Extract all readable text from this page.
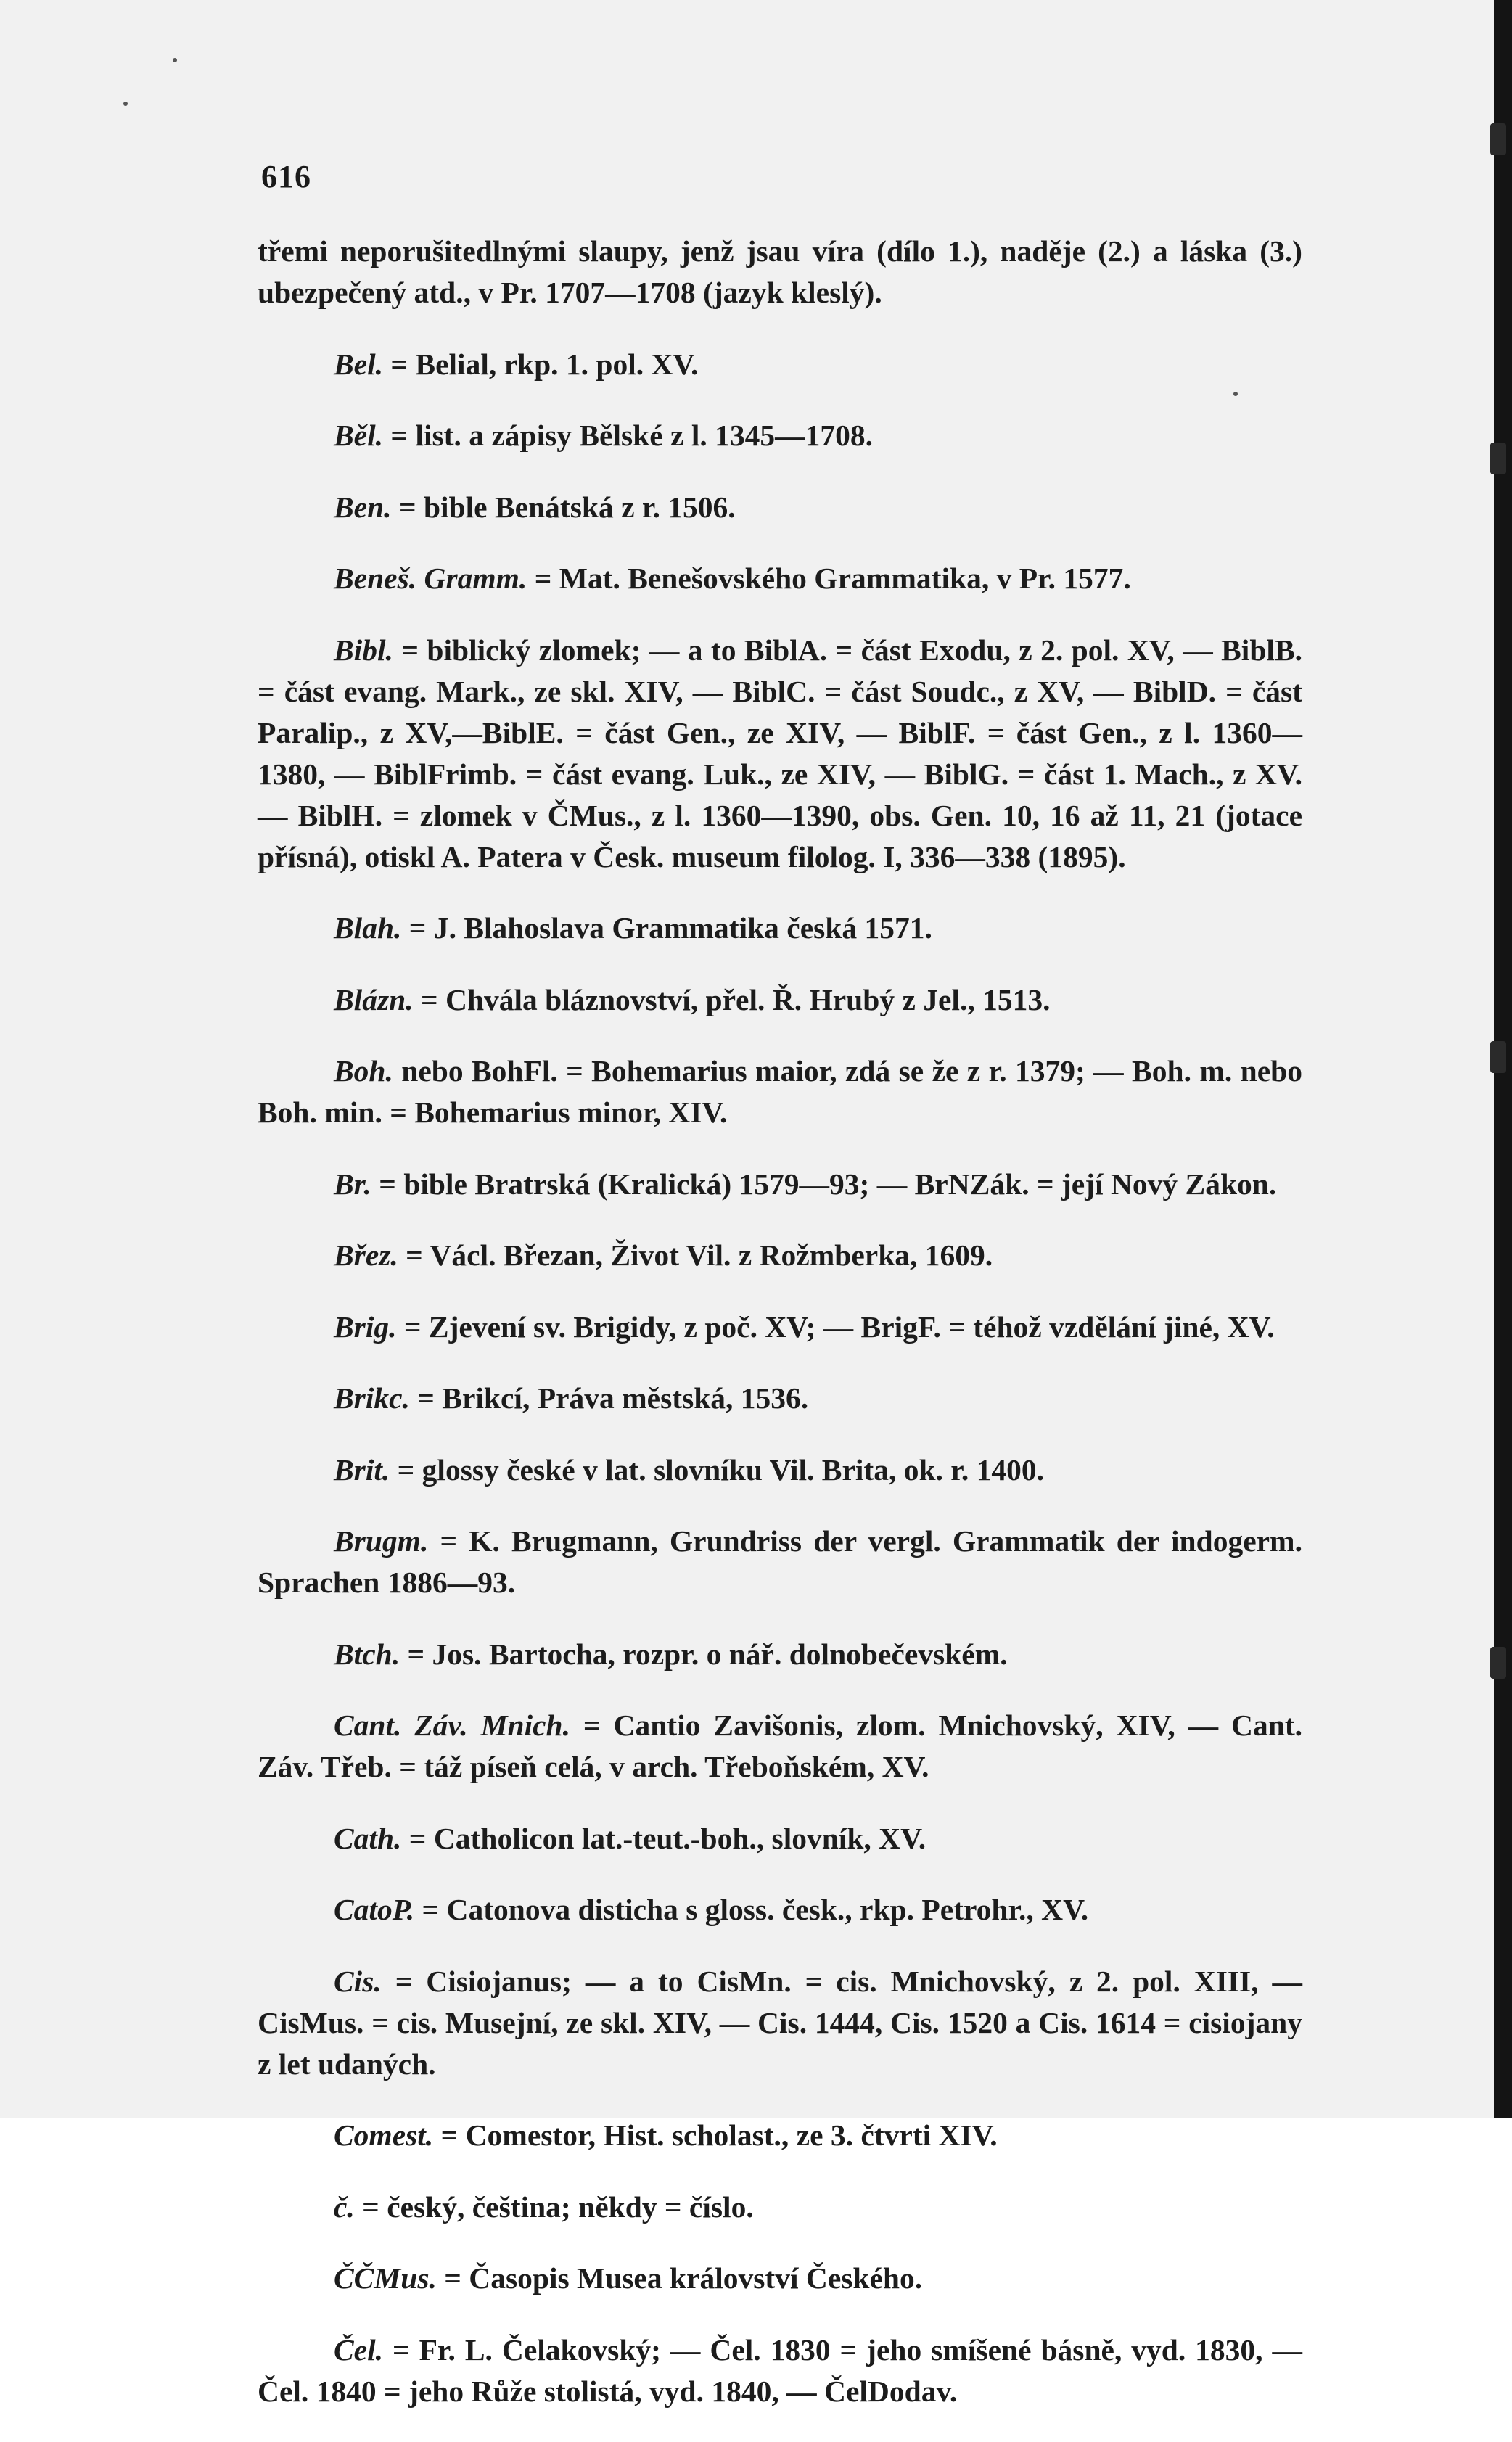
616

třemi neporušitedlnými slaupy, jenž jsau víra (dílo 1.), naděje (2.) a láska (3.) ubezpečený atd., v Pr. 1707—1708 (jazyk kleslý).

Bel. = Belial, rkp. 1. pol. XV.

Běl. = list. a zápisy Bělské z l. 1345—1708.

Ben. = bible Benátská z r. 1506.

Beneš. Gramm. = Mat. Benešovského Grammatika, v Pr. 1577.

Bibl. = biblický zlomek; — a to BiblA. = část Exodu, z 2. pol. XV, — BiblB. = část evang. Mark., ze skl. XIV, — BiblC. = část Soudc., z XV, — BiblD. = část Paralip., z XV,—BiblE. = část Gen., ze XIV, — BiblF. = část Gen., z l. 1360—1380, — BiblFrimb. = část evang. Luk., ze XIV, — BiblG. = část 1. Mach., z XV. — BiblH. = zlomek v ČMus., z l. 1360—1390, obs. Gen. 10, 16 až 11, 21 (jotace přísná), otiskl A. Patera v Česk. museum filolog. I, 336—338 (1895).

Blah. = J. Blahoslava Grammatika česká 1571.

Blázn. = Chvála bláznovství, přel. Ř. Hrubý z Jel., 1513.

Boh. nebo BohFl. = Bohemarius maior, zdá se že z r. 1379; — Boh. m. nebo Boh. min. = Bohemarius minor, XIV.

Br. = bible Bratrská (Kralická) 1579—93; — BrNZák. = její Nový Zákon.

Břez. = Václ. Březan, Život Vil. z Rožmberka, 1609.

Brig. = Zjevení sv. Brigidy, z poč. XV; — BrigF. = téhož vzdělání jiné, XV.

Brikc. = Brikcí, Práva městská, 1536.

Brit. = glossy české v lat. slovníku Vil. Brita, ok. r. 1400.

Brugm. = K. Brugmann, Grundriss der vergl. Grammatik der indogerm. Sprachen 1886—93.

Btch. = Jos. Bartocha, rozpr. o nář. dolnobečevském.

Cant. Záv. Mnich. = Cantio Zavišonis, zlom. Mnichovský, XIV, — Cant. Záv. Třeb. = táž píseň celá, v arch. Třeboňském, XV.

Cath. = Catholicon lat.-teut.-boh., slovník, XV.

CatoP. = Catonova disticha s gloss. česk., rkp. Petrohr., XV.

Cis. = Cisiojanus; — a to CisMn. = cis. Mnichovský, z 2. pol. XIII, — CisMus. = cis. Musejní, ze skl. XIV, — Cis. 1444, Cis. 1520 a Cis. 1614 = cisiojany z let udaných.

Comest. = Comestor, Hist. scholast., ze 3. čtvrti XIV.

č. = český, čeština; někdy = číslo.

ČČMus. = Časopis Musea království Českého.

Čel. = Fr. L. Čelakovský; — Čel. 1830 = jeho smíšené básně, vyd. 1830, — Čel. 1840 = jeho Růže stolistá, vyd. 1840, — ČelDodav.
